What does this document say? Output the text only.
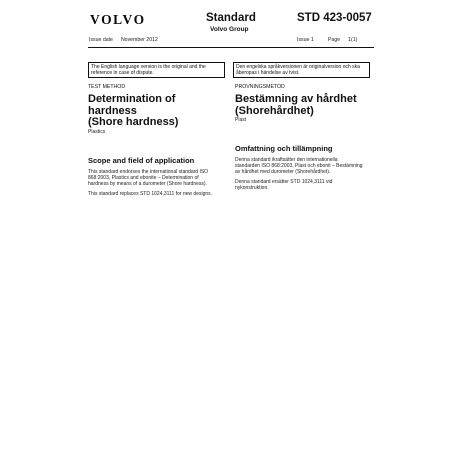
VOLVO	Standard
Volvo Group
STD 423-0057
Issue date November 2012	Issue 1	Page 1(1)
The English language version is the original and the reference in case of dispute.
Den engelska språkversionen är originalversion och ska åberopas i händelse av tvist.

TEST METHOD

Determination of hardness
(Shore hardness)

Plastics

Scope and field of application

This standard endorses the international standard ISO 868:2003, Plastics and ebonite – Determination of hardness by means of a durometer (Shore hardness).

This standard replaces STD 1024,3111 for new designs.

PROVNINGSMETOD

Bestämning av hårdhet
(Shorehårdhet)

Plast

Omfattning och tillämpning

Denna standard ikraftsätter den internationella standarden ISO 868:2003, Plast och ebonit – Bestämning av hårdhet med durometer (Shorehårdhet).

Denna standard ersätter STD 1024,3111 vid nykonstruktion.
